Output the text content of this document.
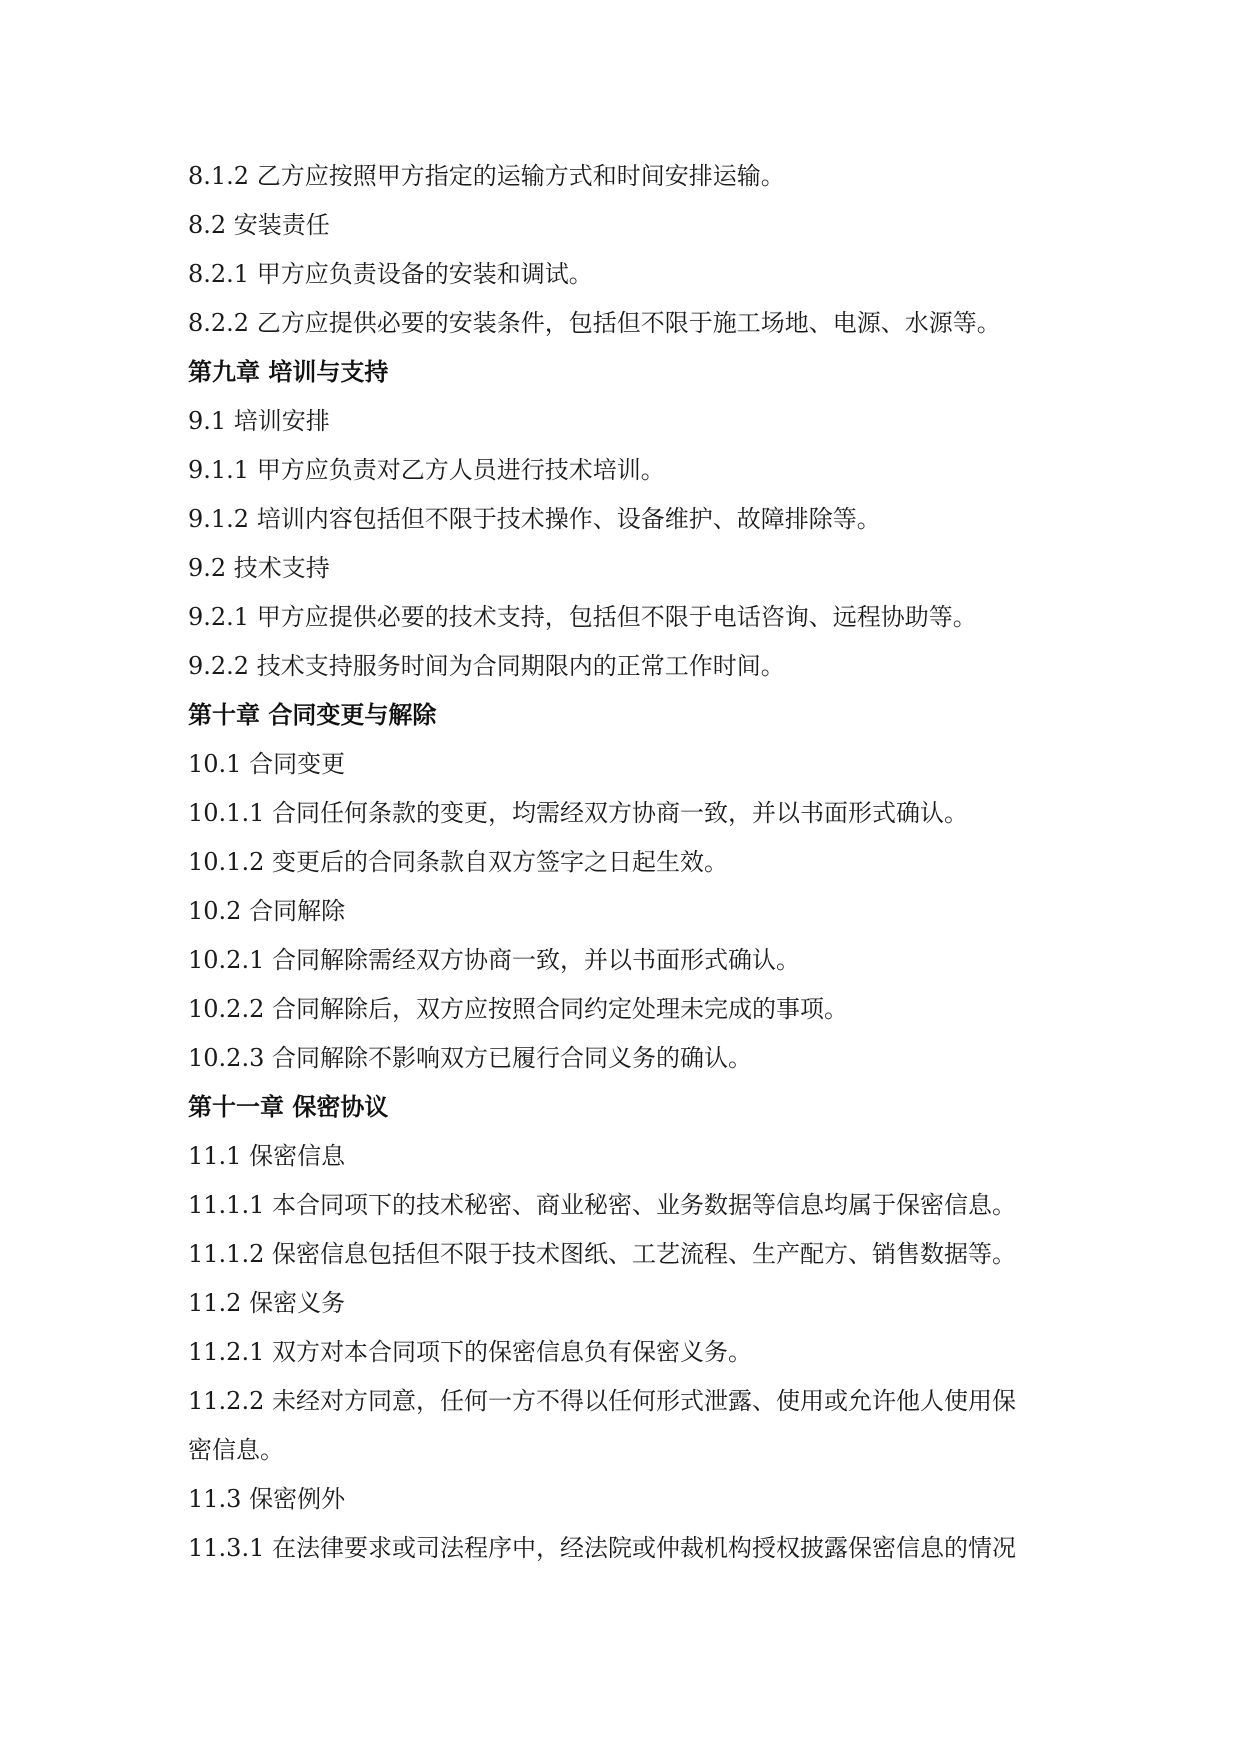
8.1.2 乙方应按照甲方指定的运输方式和时间安排运输。

8.2 安装责任

8.2.1 甲方应负责设备的安装和调试。

8.2.2 乙方应提供必要的安装条件，包括但不限于施工场地、电源、水源等。

第九章 培训与支持

9.1 培训安排

9.1.1 甲方应负责对乙方人员进行技术培训。

9.1.2 培训内容包括但不限于技术操作、设备维护、故障排除等。

9.2 技术支持

9.2.1 甲方应提供必要的技术支持，包括但不限于电话咨询、远程协助等。

9.2.2 技术支持服务时间为合同期限内的正常工作时间。

第十章 合同变更与解除

10.1 合同变更

10.1.1 合同任何条款的变更，均需经双方协商一致，并以书面形式确认。

10.1.2 变更后的合同条款自双方签字之日起生效。

10.2 合同解除

10.2.1 合同解除需经双方协商一致，并以书面形式确认。

10.2.2 合同解除后，双方应按照合同约定处理未完成的事项。

10.2.3 合同解除不影响双方已履行合同义务的确认。

第十一章 保密协议

11.1 保密信息

11.1.1 本合同项下的技术秘密、商业秘密、业务数据等信息均属于保密信息。

11.1.2 保密信息包括但不限于技术图纸、工艺流程、生产配方、销售数据等。

11.2 保密义务

11.2.1 双方对本合同项下的保密信息负有保密义务。

11.2.2 未经对方同意，任何一方不得以任何形式泄露、使用或允许他人使用保

密信息。

11.3 保密例外

11.3.1 在法律要求或司法程序中，经法院或仲裁机构授权披露保密信息的情况
